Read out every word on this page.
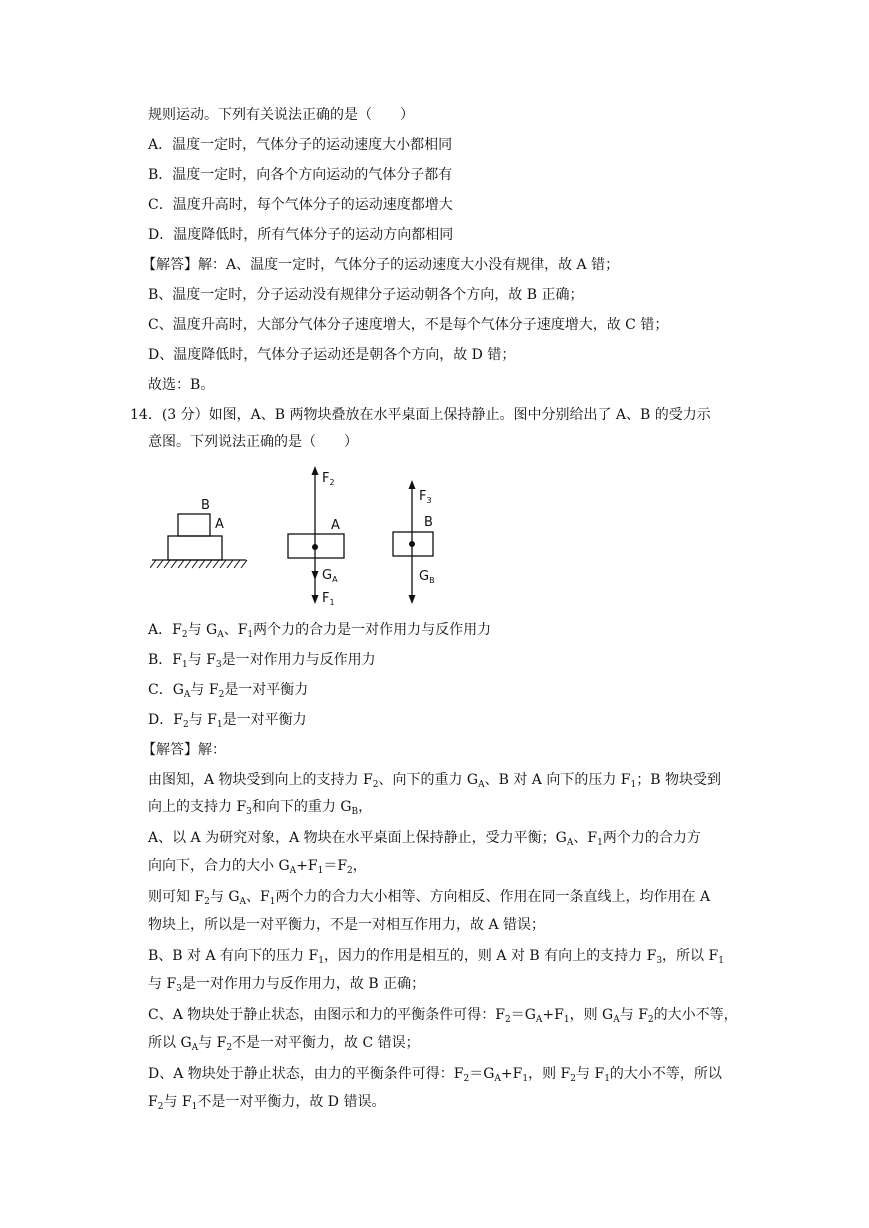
规则运动。下列有关说法正确的是（　　）
A．温度一定时，气体分子的运动速度大小都相同
B．温度一定时，向各个方向运动的气体分子都有
C．温度升高时，每个气体分子的运动速度都增大
D．温度降低时，所有气体分子的运动方向都相同
【解答】解：A、温度一定时，气体分子的运动速度大小没有规律，故 A 错；
B、温度一定时，分子运动没有规律分子运动朝各个方向，故 B 正确；
C、温度升高时，大部分气体分子速度增大，不是每个气体分子速度增大，故 C 错；
D、温度降低时，气体分子运动还是朝各个方向，故 D 错；
故选：B。
14．(3 分）如图，A、B 两物块叠放在水平桌面上保持静止。图中分别给出了 A、B 的受力示
意图。下列说法正确的是（　　）
B
A	A
$F_2$
$G_A$
$F_1$
B
$F_3$
$G_B$
A．$F_2$与 $G_A$、$F_1$两个力的合力是一对作用力与反作用力
B．$F_1$与 $F_3$是一对作用力与反作用力
C．$G_A$与 $F_2$是一对平衡力
D．$F_2$与 $F_1$是一对平衡力
【解答】解：
由图知，A 物块受到向上的支持力 $F_2$、向下的重力 $G_A$、B 对 A 向下的压力 $F_1$；B 物块受到
向上的支持力 $F_3$和向下的重力 $G_B$，
A、以 A 为研究对象，A 物块在水平桌面上保持静止，受力平衡；$G_A$、$F_1$两个力的合力方
向向下，合力的大小 $G_A+F_1=F_2$，
则可知 $F_2$与 $G_A$、$F_1$两个力的合力大小相等、方向相反、作用在同一条直线上，均作用在 A
物块上，所以是一对平衡力，不是一对相互作用力，故 A 错误；
B、B 对 A 有向下的压力 $F_1$，因力的作用是相互的，则 A 对 B 有向上的支持力 $F_3$，所以 $F_1$
与 $F_3$是一对作用力与反作用力，故 B 正确；
C、A 物块处于静止状态，由图示和力的平衡条件可得：$F_2=G_A+F_1$，则 $G_A$与 $F_2$的大小不等，
所以 $G_A$与 $F_2$不是一对平衡力，故 C 错误；
D、A 物块处于静止状态，由力的平衡条件可得：$F_2=G_A+F_1$，则 $F_2$与 $F_1$的大小不等，所以
$F_2$与 $F_1$不是一对平衡力，故 D 错误。
